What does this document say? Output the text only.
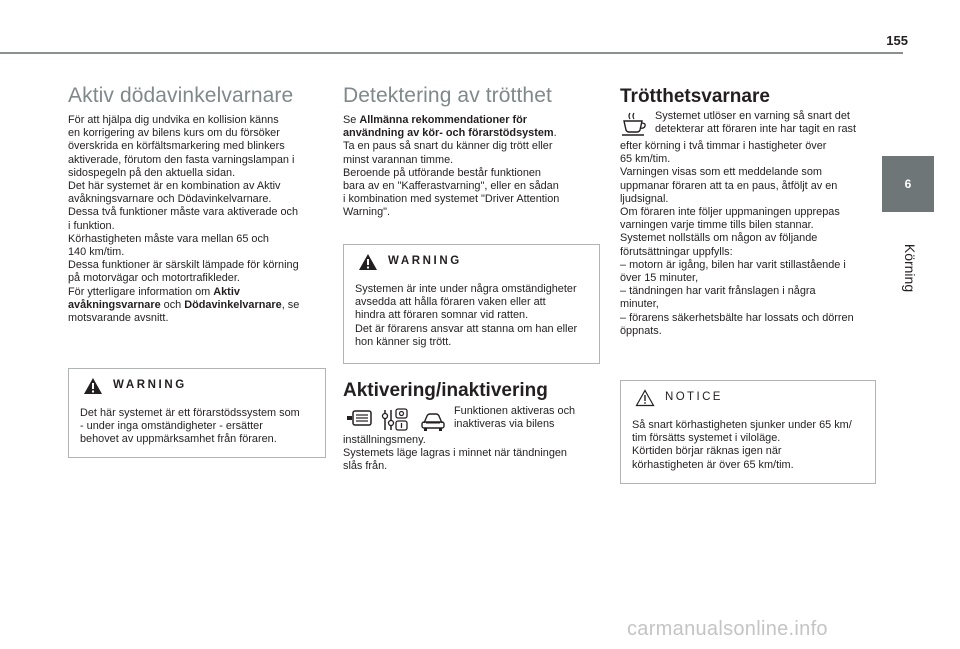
155
6
Körning
Aktiv dödavinkelvarnare

För att hjälpa dig undvika en kollision känns

en korrigering av bilens kurs om du försöker

överskrida en körfältsmarkering med blinkers

aktiverade, förutom den fasta varningslampan i

sidospegeln på den aktuella sidan.

Det här systemet är en kombination av Aktiv

avåkningsvarnare och Dödavinkelvarnare.

Dessa två funktioner måste vara aktiverade och

i funktion.

Körhastigheten måste vara mellan 65 och

140 km/tim.

Dessa funktioner är särskilt lämpade för körning

på motorvägar och motortrafikleder.

För ytterligare information om Aktiv

avåkningsvarnare och Dödavinkelvarnare, se

motsvarande avsnitt.

WARNING

Det här systemet är ett förarstödssystem som

- under inga omständigheter - ersätter

behovet av uppmärksamhet från föraren.

Detektering av trötthet

Se Allmänna rekommendationer för

användning av kör- och förarstödsystem.

Ta en paus så snart du känner dig trött eller

minst varannan timme.

Beroende på utförande består funktionen

bara av en "Kafferastvarning", eller en sådan

i kombination med systemet "Driver Attention

Warning".

WARNING

Systemen är inte under några omständigheter

avsedda att hålla föraren vaken eller att

hindra att föraren somnar vid ratten.

Det är förarens ansvar att stanna om han eller

hon känner sig trött.

Aktivering/inaktivering

Funktionen aktiveras och

inaktiveras via bilens

inställningsmeny.

Systemets läge lagras i minnet när tändningen

slås från.

Trötthetsvarnare

Systemet utlöser en varning så snart det

detekterar att föraren inte har tagit en rast

efter körning i två timmar i hastigheter över

65 km/tim.

Varningen visas som ett meddelande som

uppmanar föraren att ta en paus, åtföljt av en

ljudsignal.

Om föraren inte följer uppmaningen upprepas

varningen varje timme tills bilen stannar.

Systemet nollställs om någon av följande

förutsättningar uppfylls:

– motorn är igång, bilen har varit stillastående i

över 15 minuter,

– tändningen har varit frånslagen i några

minuter,

– förarens säkerhetsbälte har lossats och dörren

öppnats.

NOTICE

Så snart körhastigheten sjunker under 65 km/

tim försätts systemet i viloläge.

Körtiden börjar räknas igen när

körhastigheten är över 65 km/tim.

carmanualsonline.info
